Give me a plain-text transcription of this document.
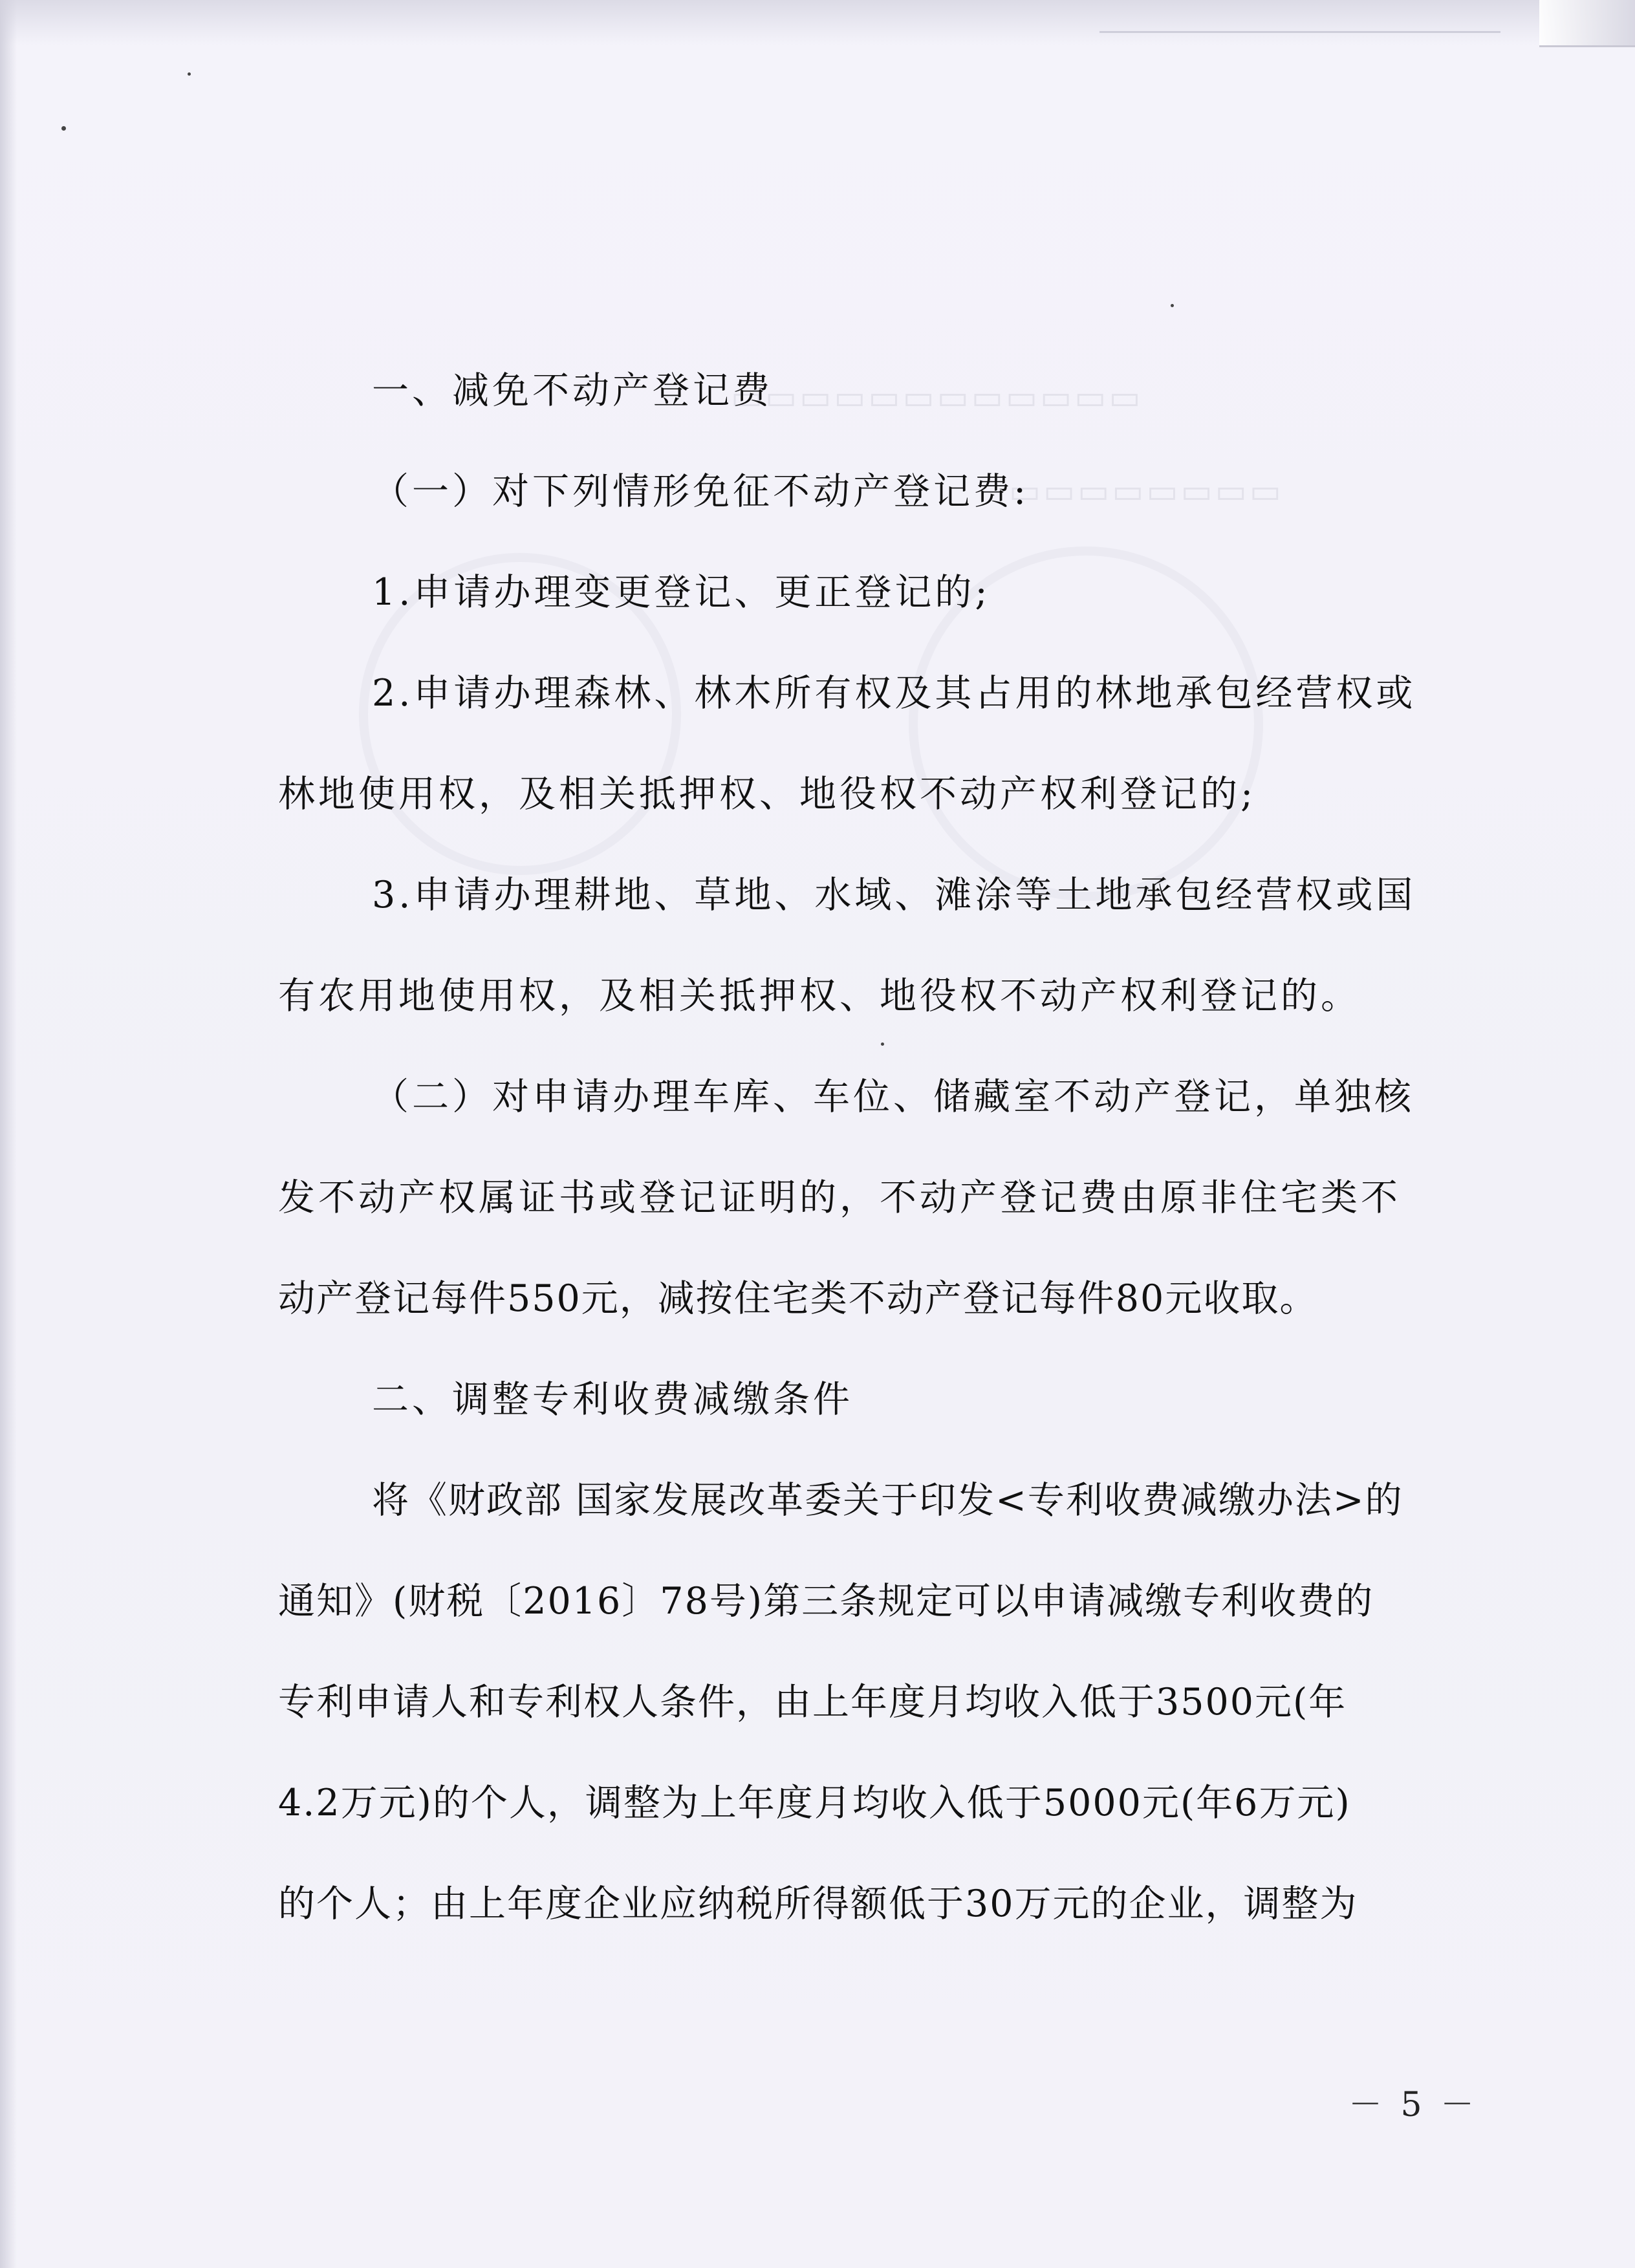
▭▭▭▭▭▭▭▭▭▭▭▭
▭▭▭▭▭▭▭▭

一、减免不动产登记费

（一）对下列情形免征不动产登记费:

1.申请办理变更登记、更正登记的;

2.申请办理森林、林木所有权及其占用的林地承包经营权或

林地使用权，及相关抵押权、地役权不动产权利登记的;

3.申请办理耕地、草地、水域、滩涂等土地承包经营权或国

有农用地使用权，及相关抵押权、地役权不动产权利登记的。

（二）对申请办理车库、车位、储藏室不动产登记，单独核

发不动产权属证书或登记证明的，不动产登记费由原非住宅类不

动产登记每件550元，减按住宅类不动产登记每件80元收取。

二、调整专利收费减缴条件

将《财政部 国家发展改革委关于印发<专利收费减缴办法>的

通知》(财税〔2016〕78号)第三条规定可以申请减缴专利收费的

专利申请人和专利权人条件，由上年度月均收入低于3500元(年

4.2万元)的个人，调整为上年度月均收入低于5000元(年6万元)

的个人；由上年度企业应纳税所得额低于30万元的企业，调整为

－ 5 －
